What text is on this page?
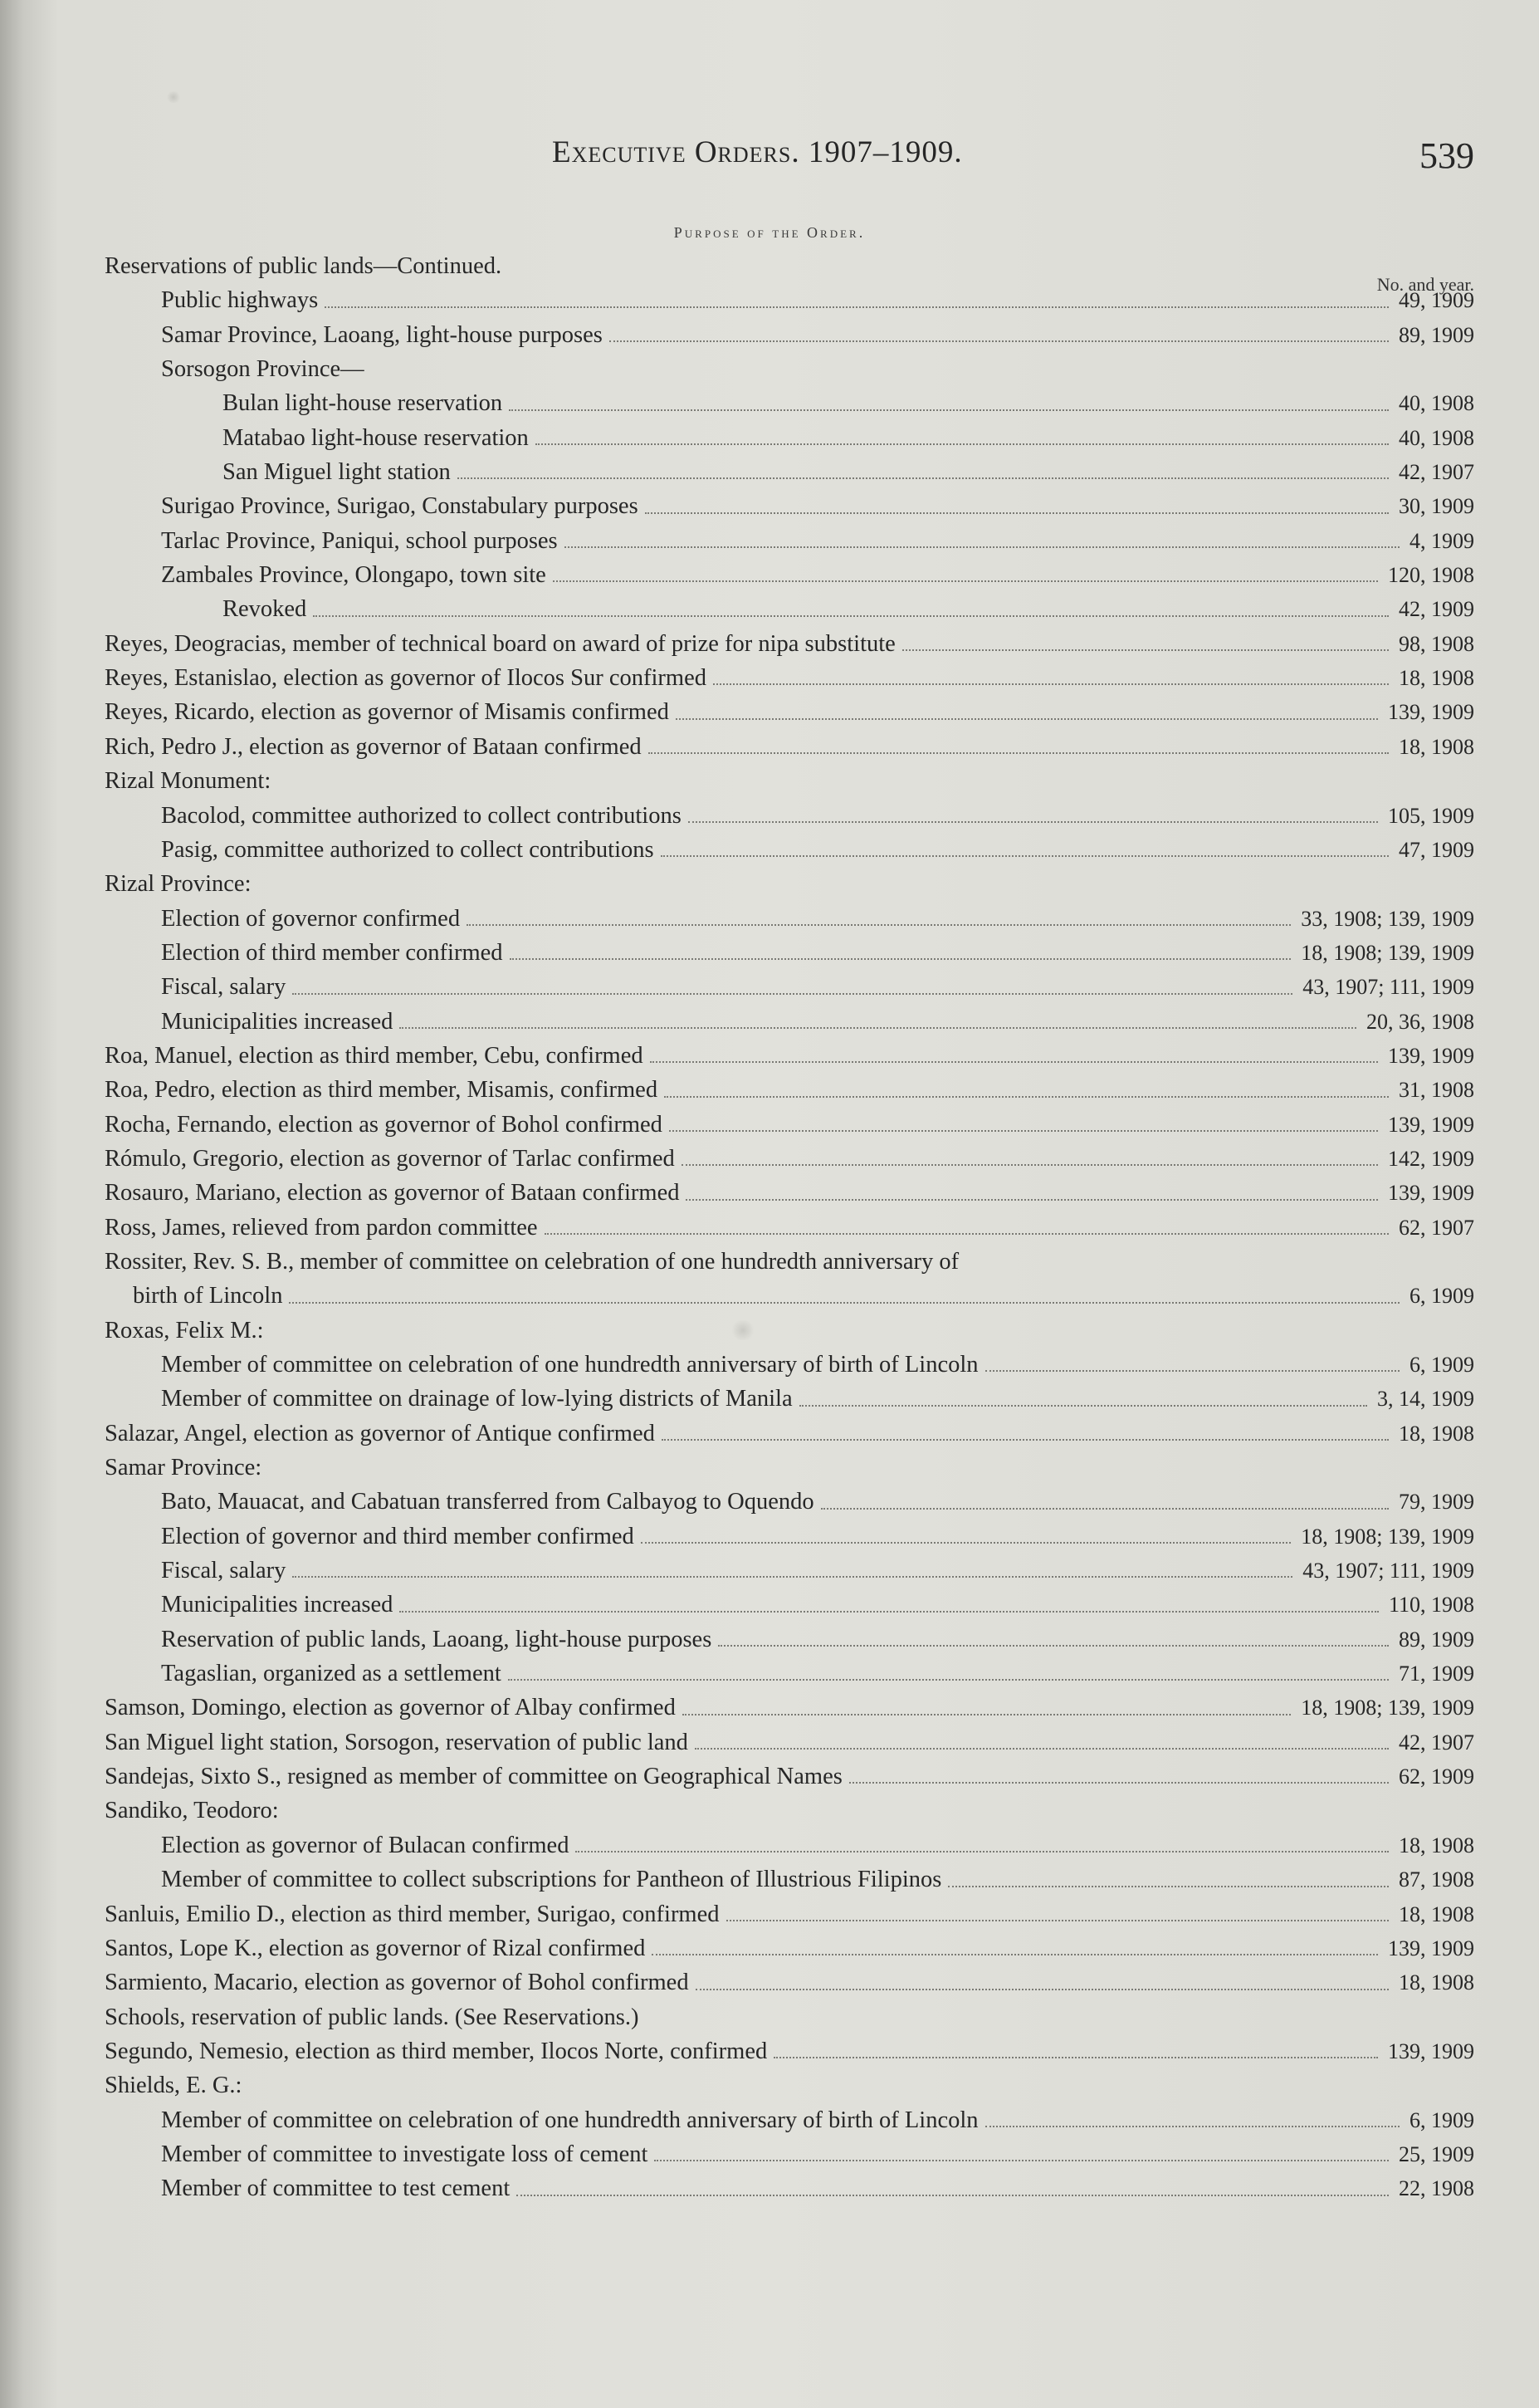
Executive Orders. 1907–1909.	539
Purpose of the Order.
No. and year.
Reservations of public lands—Continued.
Public highways	49, 1909
Samar Province, Laoang, light-house purposes	89, 1909
Sorsogon Province—
Bulan light-house reservation	40, 1908
Matabao light-house reservation	40, 1908
San Miguel light station	42, 1907
Surigao Province, Surigao, Constabulary purposes	30, 1909
Tarlac Province, Paniqui, school purposes	4, 1909
Zambales Province, Olongapo, town site	120, 1908
Revoked	42, 1909
Reyes, Deogracias, member of technical board on award of prize for nipa substitute	98, 1908
Reyes, Estanislao, election as governor of Ilocos Sur confirmed	18, 1908
Reyes, Ricardo, election as governor of Misamis confirmed	139, 1909
Rich, Pedro J., election as governor of Bataan confirmed	18, 1908
Rizal Monument:
Bacolod, committee authorized to collect contributions	105, 1909
Pasig, committee authorized to collect contributions	47, 1909
Rizal Province:
Election of governor confirmed	33, 1908; 139, 1909
Election of third member confirmed	18, 1908; 139, 1909
Fiscal, salary	43, 1907; 111, 1909
Municipalities increased	20, 36, 1908
Roa, Manuel, election as third member, Cebu, confirmed	139, 1909
Roa, Pedro, election as third member, Misamis, confirmed	31, 1908
Rocha, Fernando, election as governor of Bohol confirmed	139, 1909
Rómulo, Gregorio, election as governor of Tarlac confirmed	142, 1909
Rosauro, Mariano, election as governor of Bataan confirmed	139, 1909
Ross, James, relieved from pardon committee	62, 1907
Rossiter, Rev. S. B., member of committee on celebration of one hundredth anniversary of
birth of Lincoln	6, 1909
Roxas, Felix M.:
Member of committee on celebration of one hundredth anniversary of birth of Lincoln	6, 1909
Member of committee on drainage of low-lying districts of Manila	3, 14, 1909
Salazar, Angel, election as governor of Antique confirmed	18, 1908
Samar Province:
Bato, Mauacat, and Cabatuan transferred from Calbayog to Oquendo	79, 1909
Election of governor and third member confirmed	18, 1908; 139, 1909
Fiscal, salary	43, 1907; 111, 1909
Municipalities increased	110, 1908
Reservation of public lands, Laoang, light-house purposes	89, 1909
Tagaslian, organized as a settlement	71, 1909
Samson, Domingo, election as governor of Albay confirmed	18, 1908; 139, 1909
San Miguel light station, Sorsogon, reservation of public land	42, 1907
Sandejas, Sixto S., resigned as member of committee on Geographical Names	62, 1909
Sandiko, Teodoro:
Election as governor of Bulacan confirmed	18, 1908
Member of committee to collect subscriptions for Pantheon of Illustrious Filipinos	87, 1908
Sanluis, Emilio D., election as third member, Surigao, confirmed	18, 1908
Santos, Lope K., election as governor of Rizal confirmed	139, 1909
Sarmiento, Macario, election as governor of Bohol confirmed	18, 1908
Schools, reservation of public lands. (See Reservations.)
Segundo, Nemesio, election as third member, Ilocos Norte, confirmed	139, 1909
Shields, E. G.:
Member of committee on celebration of one hundredth anniversary of birth of Lincoln	6, 1909
Member of committee to investigate loss of cement	25, 1909
Member of committee to test cement	22, 1908
